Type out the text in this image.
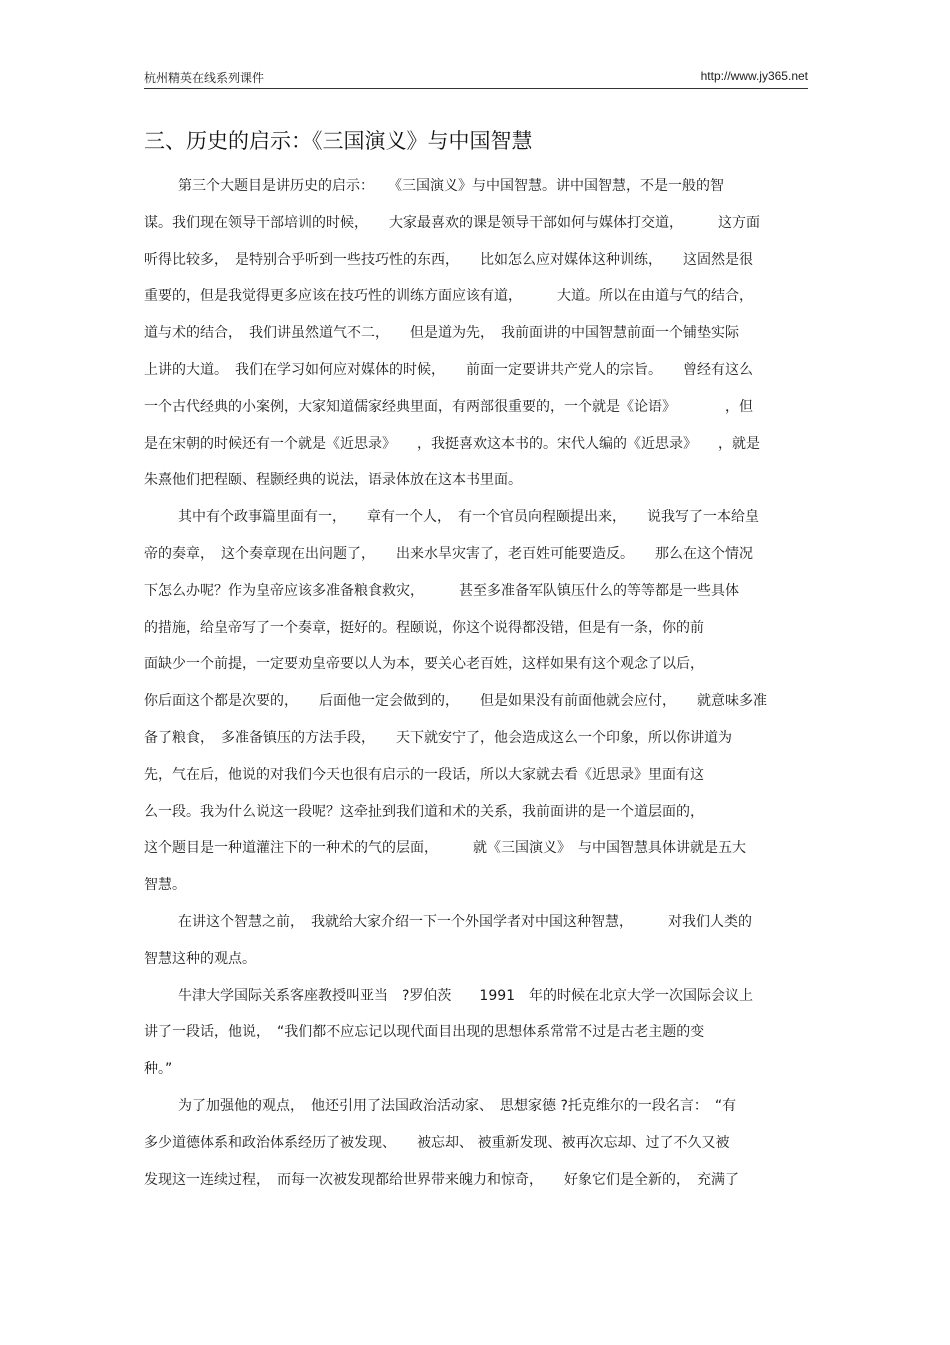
杭州精英在线系列课件	http://www.jy365.net
三、历史的启示：《三国演义》与中国智慧
第三个大题目是讲历史的启示：　　《三国演义》与中国智慧。讲中国智慧，不是一般的智
谋。我们现在领导干部培训的时候，　　大家最喜欢的课是领导干部如何与媒体打交道，　　　这方面
听得比较多，　是特别合乎听到一些技巧性的东西，　　比如怎么应对媒体这种训练，　　这固然是很
重要的，但是我觉得更多应该在技巧性的训练方面应该有道，　　　大道。所以在由道与气的结合，
道与术的结合，　我们讲虽然道气不二，　　但是道为先，　我前面讲的中国智慧前面一个铺垫实际
上讲的大道。　我们在学习如何应对媒体的时候，　　前面一定要讲共产党人的宗旨。　　曾经有这么
一个古代经典的小案例，大家知道儒家经典里面，有两部很重要的，一个就是《论语》　　　　，但
是在宋朝的时候还有一个就是《近思录》　　，我挺喜欢这本书的。宋代人编的《近思录》　　，就是
朱熹他们把程颐、程颢经典的说法，语录体放在这本书里面。
其中有个政事篇里面有一，　　章有一个人，　有一个官员向程颐提出来，　　说我写了一本给皇
帝的奏章，　这个奏章现在出问题了，　　出来水旱灾害了，老百姓可能要造反。　　那么在这个情况
下怎么办呢？作为皇帝应该多准备粮食救灾，　　　甚至多准备军队镇压什么的等等都是一些具体
的措施，给皇帝写了一个奏章，挺好的。程颐说，你这个说得都没错，但是有一条，你的前
面缺少一个前提，一定要劝皇帝要以人为本，要关心老百姓，这样如果有这个观念了以后，
你后面这个都是次要的，　　后面他一定会做到的，　　但是如果没有前面他就会应付，　　就意味多准
备了粮食，　多准备镇压的方法手段，　　天下就安宁了，他会造成这么一个印象，所以你讲道为
先，气在后，他说的对我们今天也很有启示的一段话，所以大家就去看《近思录》里面有这
么一段。我为什么说这一段呢？这牵扯到我们道和术的关系，我前面讲的是一个道层面的，
这个题目是一种道灌注下的一种术的气的层面，　　　就《三国演义》　与中国智慧具体讲就是五大
智慧。
在讲这个智慧之前，　我就给大家介绍一下一个外国学者对中国这种智慧，　　　对我们人类的
智慧这种的观点。
牛津大学国际关系客座教授叫亚当　?罗伯茨　　1991　年的时候在北京大学一次国际会议上
讲了一段话，他说，　“我们都不应忘记以现代面目出现的思想体系常常不过是古老主题的变
种。”
为了加强他的观点，　他还引用了法国政治活动家、　思想家德 ?托克维尔的一段名言：　“有
多少道德体系和政治体系经历了被发现、　　被忘却、 被重新发现、被再次忘却、过了不久又被
发现这一连续过程，　而每一次被发现都给世界带来魄力和惊奇，　　好象它们是全新的，　充满了
